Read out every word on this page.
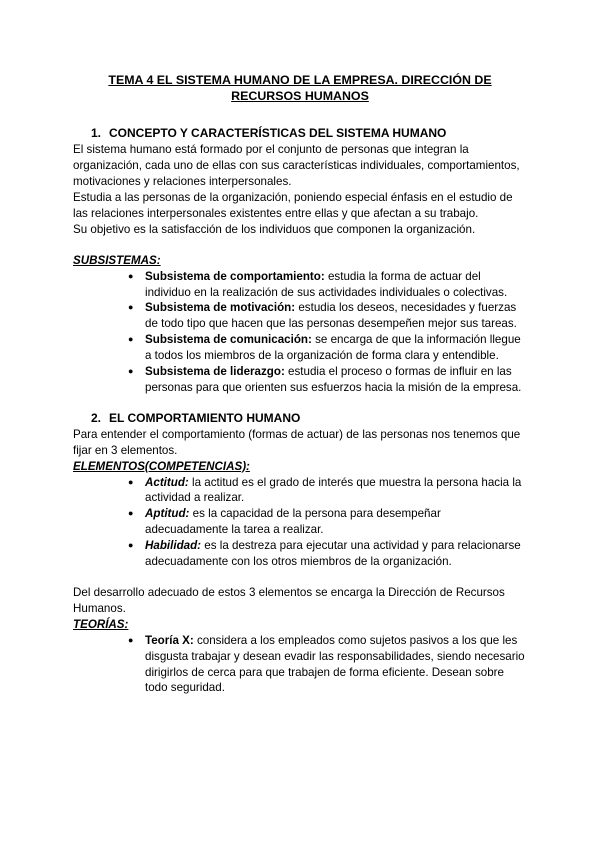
TEMA 4 EL SISTEMA HUMANO DE LA EMPRESA. DIRECCIÓN DE RECURSOS HUMANOS
1. CONCEPTO Y CARACTERÍSTICAS DEL SISTEMA HUMANO

El sistema humano está formado por el conjunto de personas que integran la organización, cada uno de ellas con sus características individuales, comportamientos, motivaciones y relaciones interpersonales.

Estudia a las personas de la organización, poniendo especial énfasis en el estudio de las relaciones interpersonales existentes entre ellas y que afectan a su trabajo.

Su objetivo es la satisfacción de los individuos que componen la organización.

SUBSISTEMAS:

● Subsistema de comportamiento: estudia la forma de actuar del individuo en la realización de sus actividades individuales o colectivas.
● Subsistema de motivación: estudia los deseos, necesidades y fuerzas de todo tipo que hacen que las personas desempeñen mejor sus tareas.
● Subsistema de comunicación: se encarga de que la información llegue a todos los miembros de la organización de forma clara y entendible.
● Subsistema de liderazgo: estudia el proceso o formas de influir en las personas para que orienten sus esfuerzos hacia la misión de la empresa.
2. EL COMPORTAMIENTO HUMANO

Para entender el comportamiento (formas de actuar) de las personas nos tenemos que fijar en 3 elementos.

ELEMENTOS(COMPETENCIAS):

● Actitud: la actitud es el grado de interés que muestra la persona hacia la actividad a realizar.
● Aptitud: es la capacidad de la persona para desempeñar adecuadamente la tarea a realizar.
● Habilidad: es la destreza para ejecutar una actividad y para relacionarse adecuadamente con los otros miembros de la organización.

Del desarrollo adecuado de estos 3 elementos se encarga la Dirección de Recursos Humanos.

TEORÍAS:

● Teoría X: considera a los empleados como sujetos pasivos a los que les disgusta trabajar y desean evadir las responsabilidades, siendo necesario dirigirlos de cerca para que trabajen de forma eficiente. Desean sobre todo seguridad.
